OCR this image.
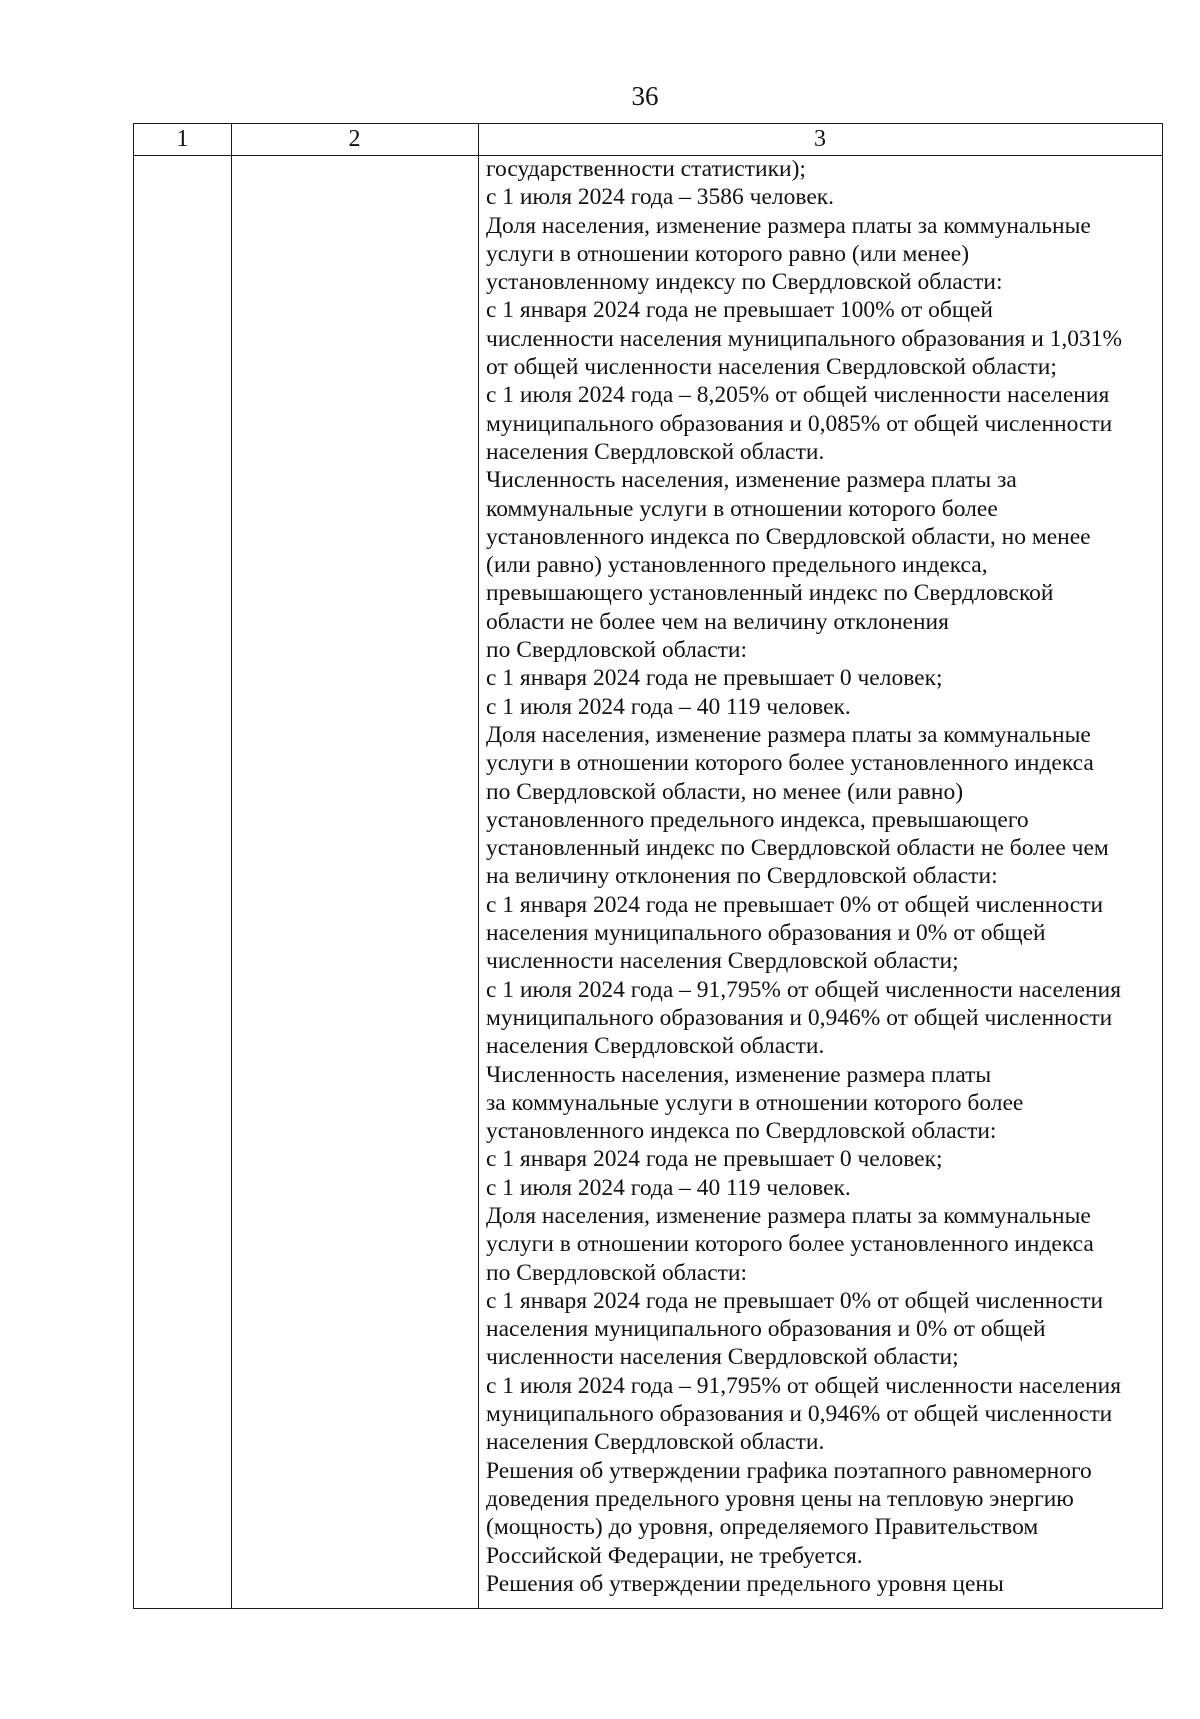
36
1	2	3
государственности статистики);
с 1 июля 2024 года – 3586 человек.
Доля населения, изменение размера платы за коммунальные
услуги в отношении которого равно (или менее)
установленному индексу по Свердловской области:
с 1 января 2024 года не превышает 100% от общей
численности населения муниципального образования и 1,031%
от общей численности населения Свердловской области;
с 1 июля 2024 года – 8,205% от общей численности населения
муниципального образования и 0,085% от общей численности
населения Свердловской области.
Численность населения, изменение размера платы за
коммунальные услуги в отношении которого более
установленного индекса по Свердловской области, но менее
(или равно) установленного предельного индекса,
превышающего установленный индекс по Свердловской
области не более чем на величину отклонения
по Свердловской области:
с 1 января 2024 года не превышает 0 человек;
с 1 июля 2024 года – 40 119 человек.
Доля населения, изменение размера платы за коммунальные
услуги в отношении которого более установленного индекса
по Свердловской области, но менее (или равно)
установленного предельного индекса, превышающего
установленный индекс по Свердловской области не более чем
на величину отклонения по Свердловской области:
с 1 января 2024 года не превышает 0% от общей численности
населения муниципального образования и 0% от общей
численности населения Свердловской области;
с 1 июля 2024 года – 91,795% от общей численности населения
муниципального образования и 0,946% от общей численности
населения Свердловской области.
Численность населения, изменение размера платы
за коммунальные услуги в отношении которого более
установленного индекса по Свердловской области:
с 1 января 2024 года не превышает 0 человек;
с 1 июля 2024 года – 40 119 человек.
Доля населения, изменение размера платы за коммунальные
услуги в отношении которого более установленного индекса
по Свердловской области:
с 1 января 2024 года не превышает 0% от общей численности
населения муниципального образования и 0% от общей
численности населения Свердловской области;
с 1 июля 2024 года – 91,795% от общей численности населения
муниципального образования и 0,946% от общей численности
населения Свердловской области.
Решения об утверждении графика поэтапного равномерного
доведения предельного уровня цены на тепловую энергию
(мощность) до уровня, определяемого Правительством
Российской Федерации, не требуется.
Решения об утверждении предельного уровня цены
